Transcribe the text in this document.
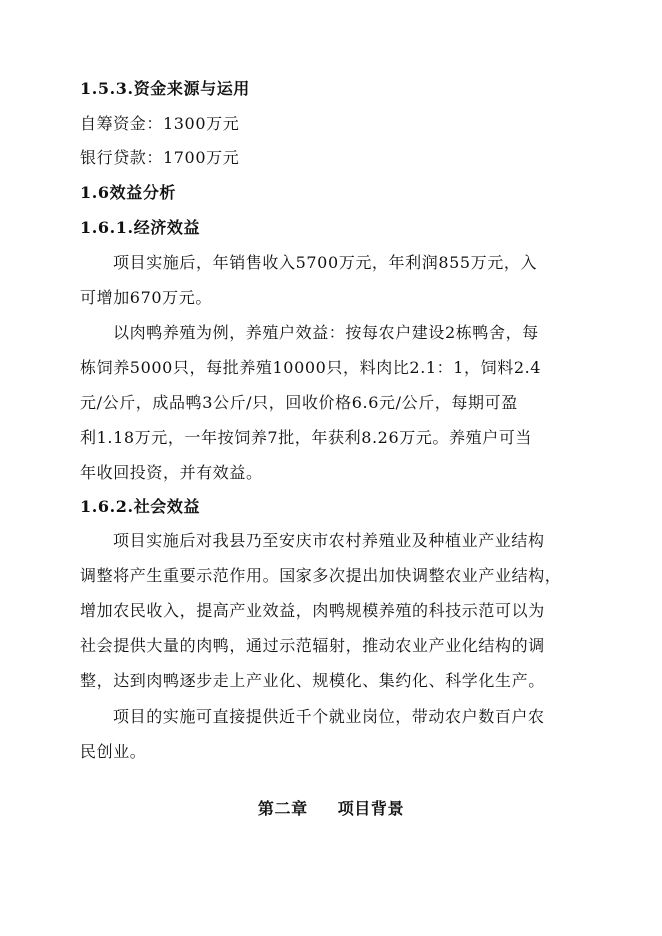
1.5.3.资金来源与运用
自筹资金：1300万元
银行贷款：1700万元
1.6效益分析
1.6.1.经济效益
项目实施后，年销售收入5700万元，年利润855万元，入
可增加670万元。
以肉鸭养殖为例，养殖户效益：按每农户建设2栋鸭舍，每
栋饲养5000只，每批养殖10000只，料肉比2.1：1，饲料2.4
元/公斤，成品鸭3公斤/只，回收价格6.6元/公斤，每期可盈
利1.18万元，一年按饲养7批，年获利8.26万元。养殖户可当
年收回投资，并有效益。
1.6.2.社会效益
项目实施后对我县乃至安庆市农村养殖业及种植业产业结构
调整将产生重要示范作用。国家多次提出加快调整农业产业结构，
增加农民收入，提高产业效益，肉鸭规模养殖的科技示范可以为
社会提供大量的肉鸭，通过示范辐射，推动农业产业化结构的调
整，达到肉鸭逐步走上产业化、规模化、集约化、科学化生产。
项目的实施可直接提供近千个就业岗位，带动农户数百户农
民创业。
第二章 项目背景
